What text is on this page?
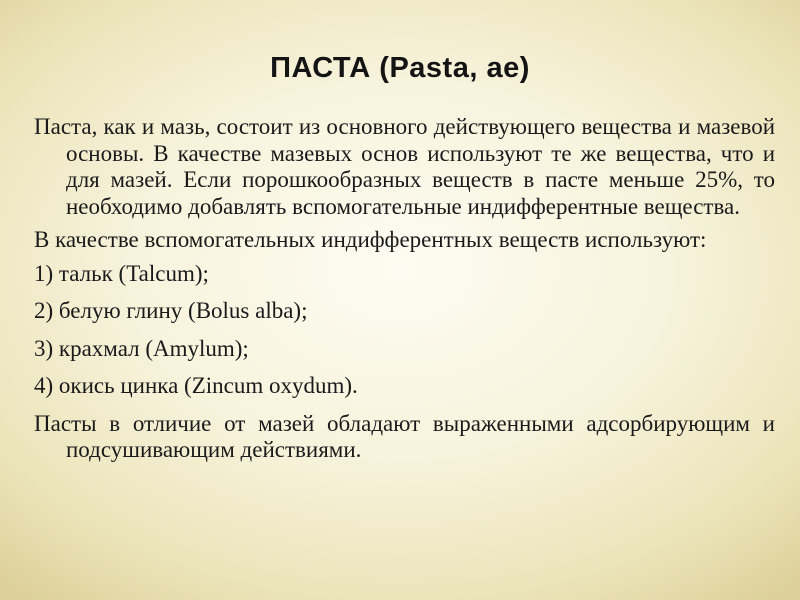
ПАСТА (Pasta, ae)

Паста, как и мазь, состоит из основного действующего вещества и мазевой основы. В качестве мазевых основ используют те же вещества, что и для мазей. Если порошкообразных веществ в пасте меньше 25%, то необходимо добавлять вспомогательные индифферентные вещества.

В качестве вспомогательных индифферентных веществ используют:

1) тальк (Talcum);
2) белую глину (Bolus alba);
3) крахмал (Amylum);
4) окись цинка (Zincum oxydum).

Пасты в отличие от мазей обладают выраженными адсорбирующим и подсушивающим действиями.
